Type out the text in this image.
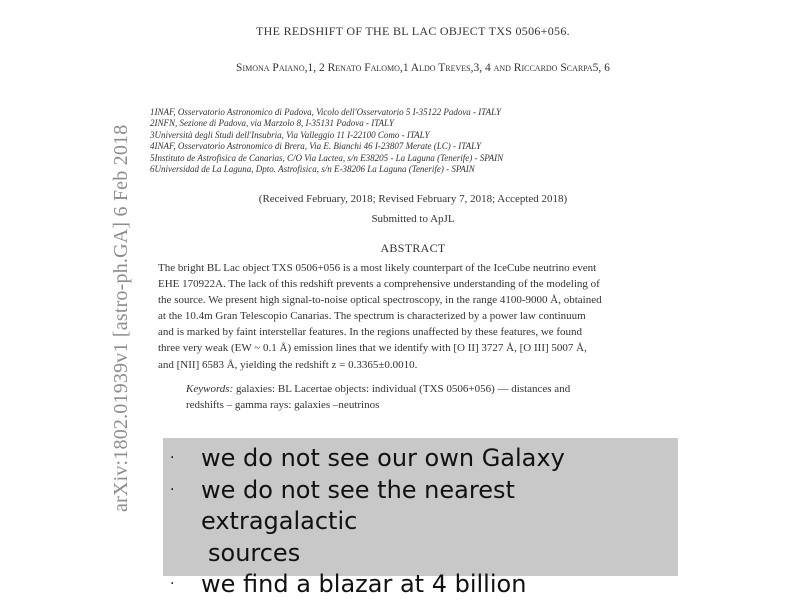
arXiv:1802.01939v1 [astro-ph.GA] 6 Feb 2018
THE REDSHIFT OF THE BL LAC OBJECT TXS 0506+056.
Simona Paiano,1, 2 Renato Falomo,1 Aldo Treves,3, 4 and Riccardo Scarpa5, 6
1INAF, Osservatorio Astronomico di Padova, Vicolo dell'Osservatorio 5 I-35122 Padova - ITALY
2INFN, Sezione di Padova, via Marzolo 8, I-35131 Padova - ITALY
3Università degli Studi dell'Insubria, Via Valleggio 11 I-22100 Como - ITALY
4INAF, Osservatorio Astronomico di Brera, Via E. Bianchi 46 I-23807 Merate (LC) - ITALY
5Instituto de Astrofisica de Canarias, C/O Via Lactea, s/n E38205 - La Laguna (Tenerife) - SPAIN
6Universidad de La Laguna, Dpto. Astrofisica, s/n E-38206 La Laguna (Tenerife) - SPAIN
(Received February, 2018; Revised February 7, 2018; Accepted 2018)
Submitted to ApJL
ABSTRACT
The bright BL Lac object TXS 0506+056 is a most likely counterpart of the IceCube neutrino event
EHE 170922A. The lack of this redshift prevents a comprehensive understanding of the modeling of
the source. We present high signal-to-noise optical spectroscopy, in the range 4100-9000 Å, obtained
at the 10.4m Gran Telescopio Canarias. The spectrum is characterized by a power law continuum
and is marked by faint interstellar features. In the regions unaffected by these features, we found
three very weak (EW ~ 0.1 Å) emission lines that we identify with [O II] 3727 Å, [O III] 5007 Å,
and [NII] 6583 Å, yielding the redshift z = 0.3365±0.0010.
Keywords: galaxies: BL Lacertae objects: individual (TXS 0506+056) — distances and
redshifts – gamma rays: galaxies –neutrinos
· we do not see our own Galaxy
· we do not see the nearest
extragalactic
sources
· we find a blazar at 4 billion
